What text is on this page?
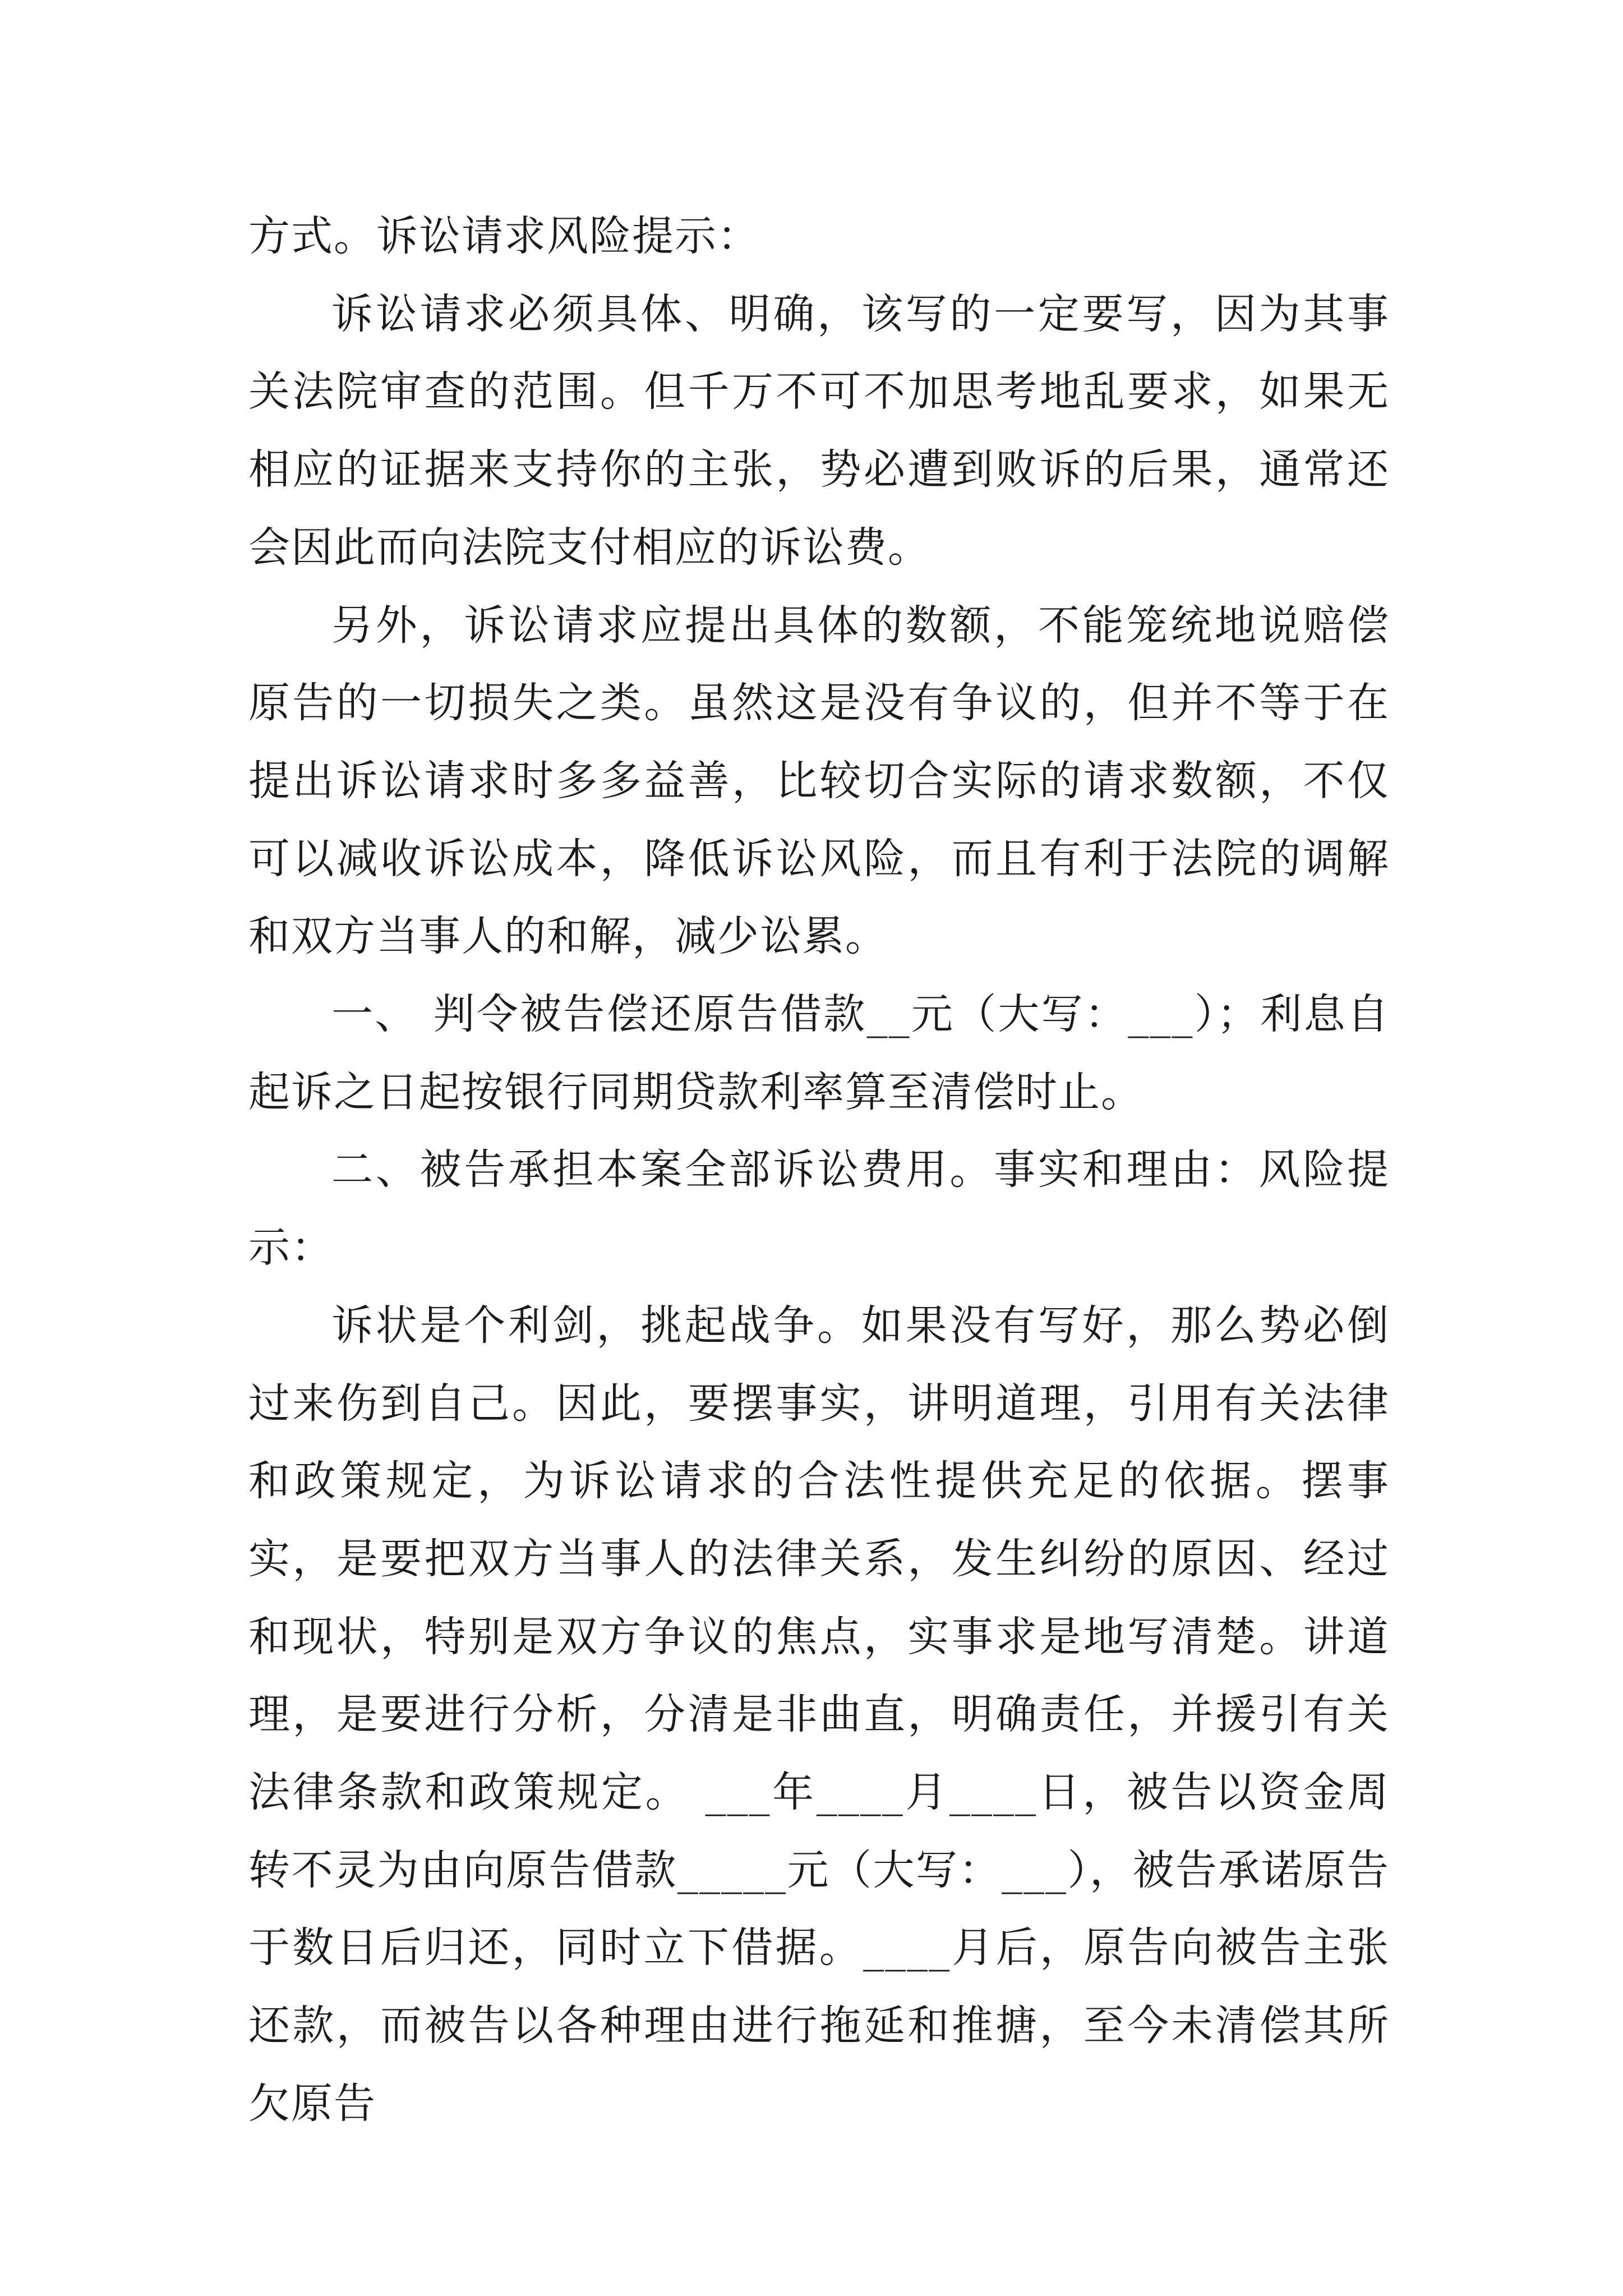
方式。诉讼请求风险提示：

诉讼请求必须具体、明确，该写的一定要写，因为其事关法院审查的范围。但千万不可不加思考地乱要求，如果无相应的证据来支持你的主张，势必遭到败诉的后果，通常还会因此而向法院支付相应的诉讼费。

另外，诉讼请求应提出具体的数额，不能笼统地说赔偿原告的一切损失之类。虽然这是没有争议的，但并不等于在提出诉讼请求时多多益善，比较切合实际的请求数额，不仅可以减收诉讼成本，降低诉讼风险，而且有利于法院的调解和双方当事人的和解，减少讼累。

一、 判令被告偿还原告借款__元（大写：___）；利息自起诉之日起按银行同期贷款利率算至清偿时止。

二、被告承担本案全部诉讼费用。事实和理由：风险提示：

诉状是个利剑，挑起战争。如果没有写好，那么势必倒过来伤到自己。因此，要摆事实，讲明道理，引用有关法律和政策规定，为诉讼请求的合法性提供充足的依据。摆事实，是要把双方当事人的法律关系，发生纠纷的原因、经过和现状，特别是双方争议的焦点，实事求是地写清楚。讲道理，是要进行分析，分清是非曲直，明确责任，并援引有关法律条款和政策规定。 ___年____月____日，被告以资金周转不灵为由向原告借款_____元（大写：___），被告承诺原告于数日后归还，同时立下借据。____月后，原告向被告主张还款，而被告以各种理由进行拖延和推搪，至今未清偿其所欠原告
